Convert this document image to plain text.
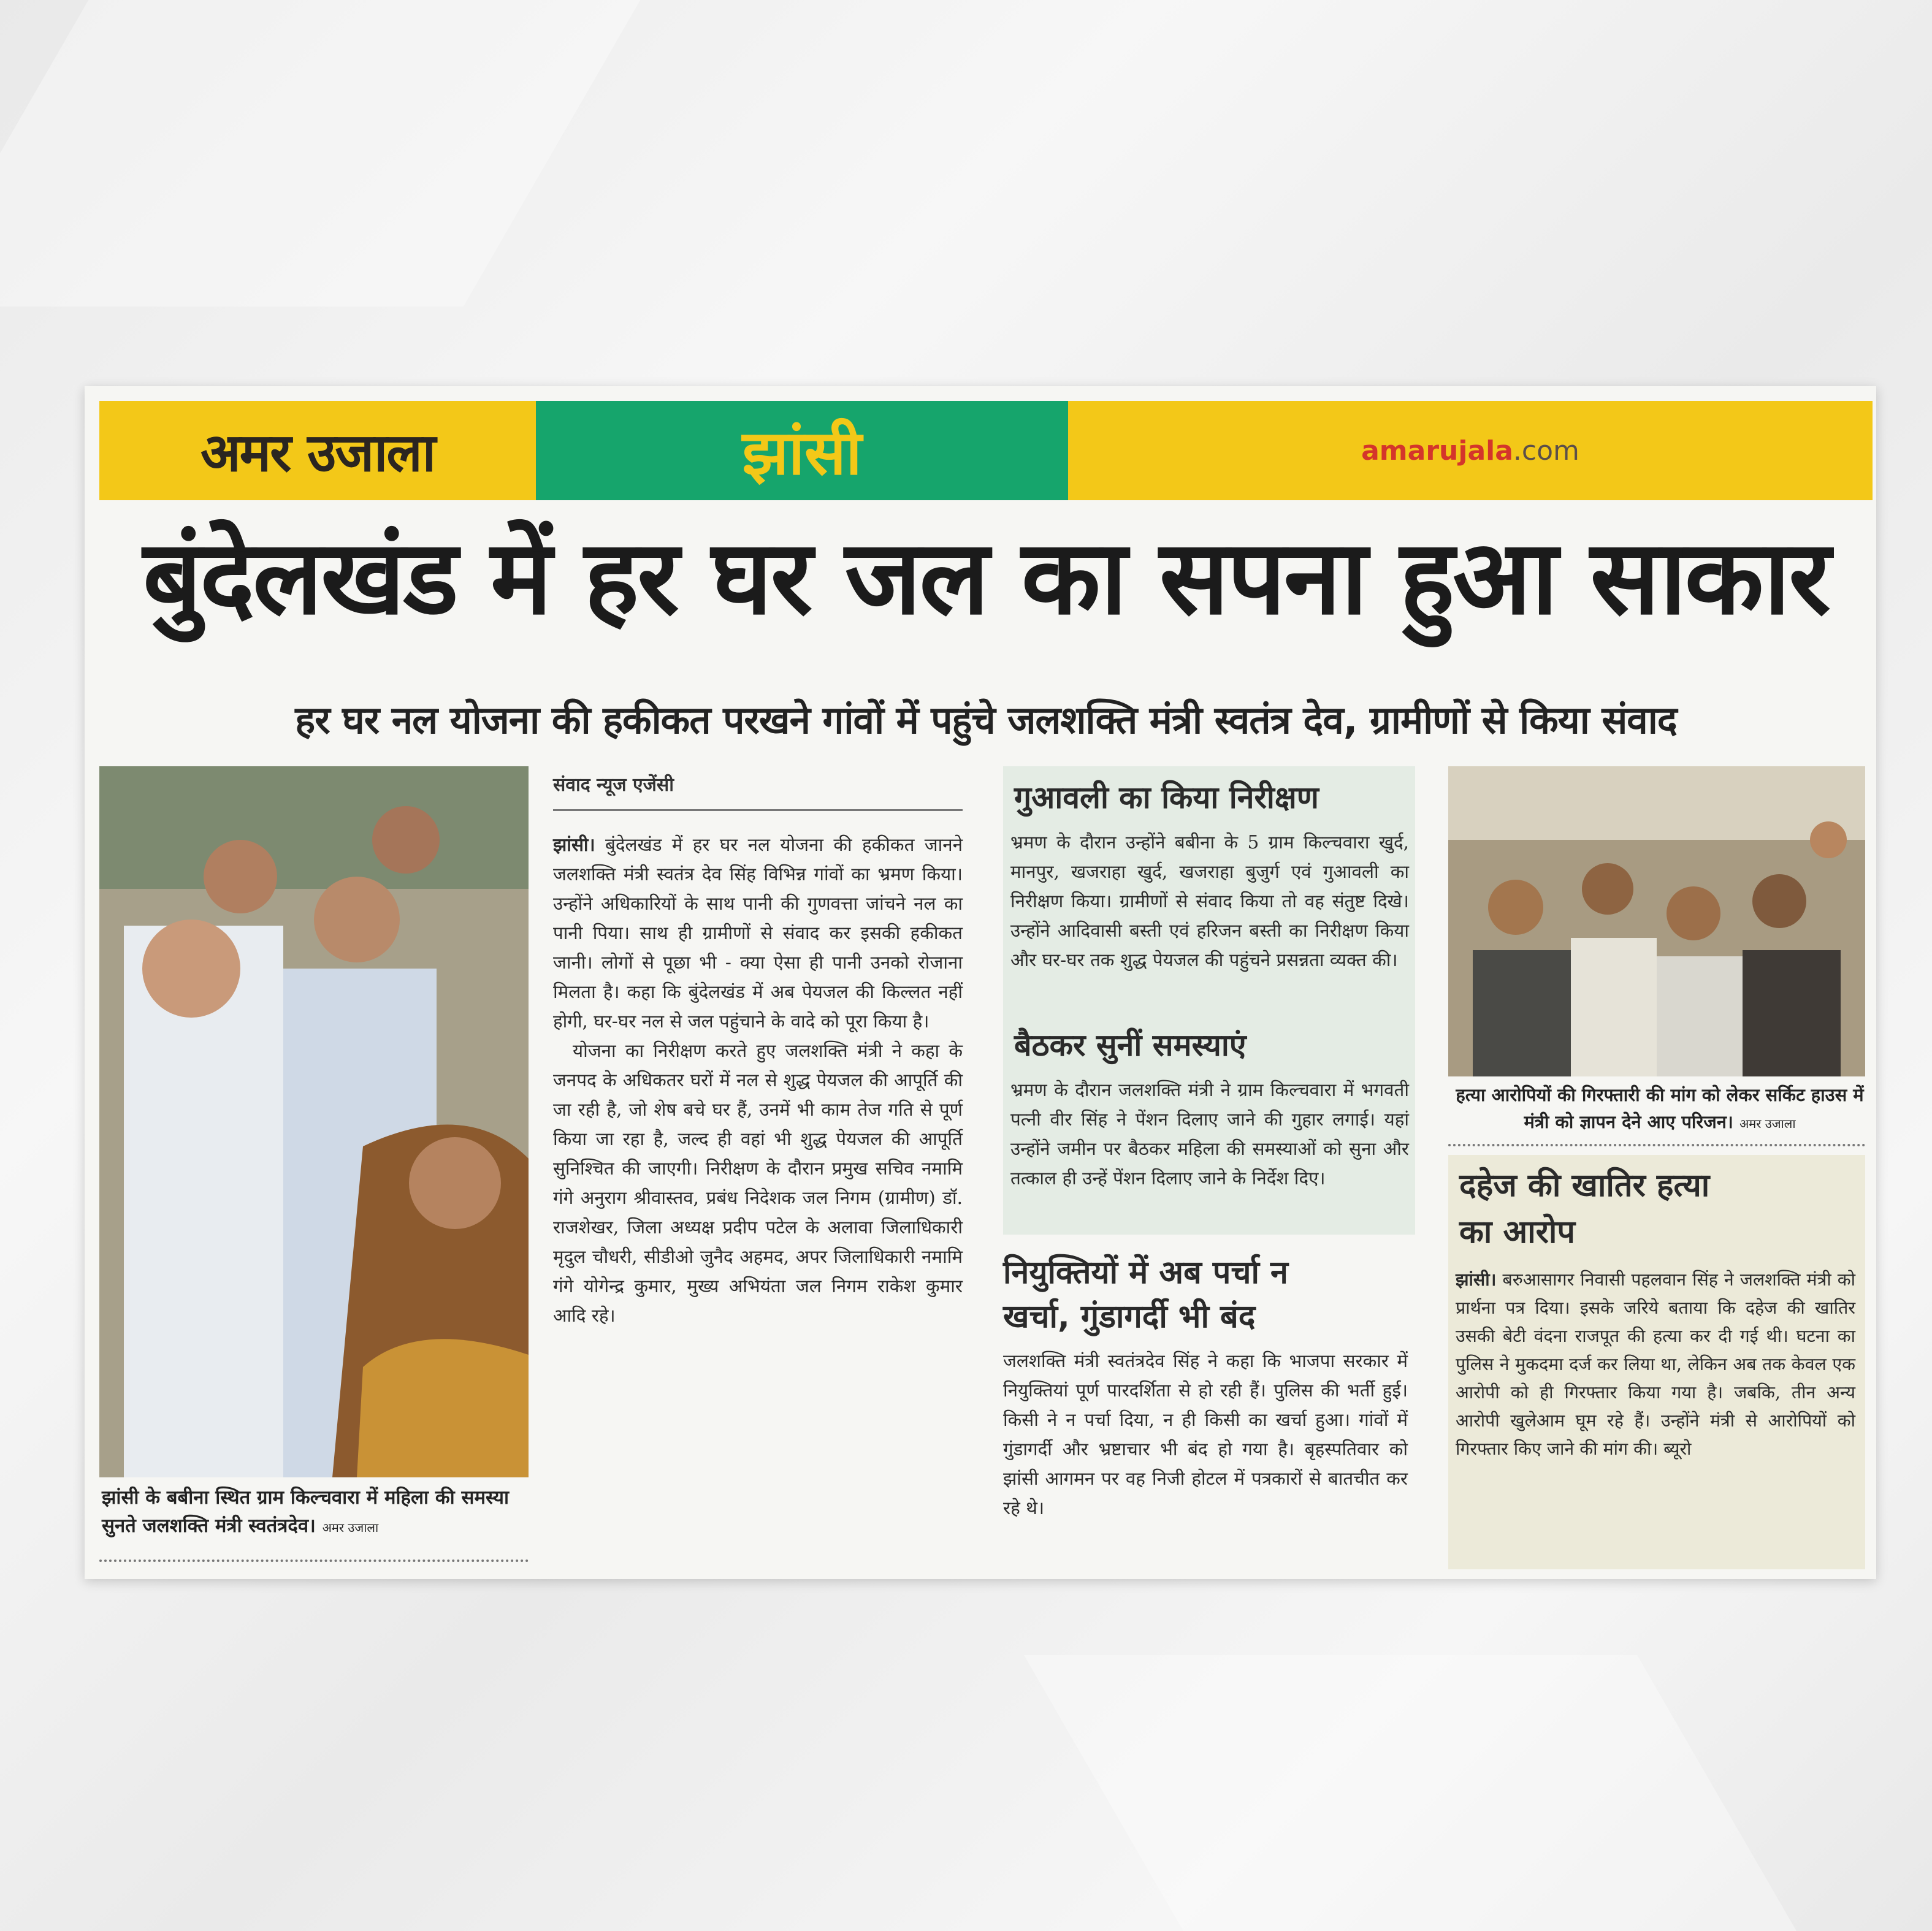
अमर उजाला	झांसी	amarujala.com
बुंदेलखंड में हर घर जल का सपना हुआ साकार
हर घर नल योजना की हकीकत परखने गांवों में पहुंचे जलशक्ति मंत्री स्वतंत्र देव, ग्रामीणों से किया संवाद
झांसी के बबीना स्थित ग्राम किल्चवारा में महिला की समस्या सुनते जलशक्ति मंत्री स्वतंत्रदेव। अमर उजाला
संवाद न्यूज एजेंसी

झांसी। बुंदेलखंड में हर घर नल योजना की हकीकत जानने जलशक्ति मंत्री स्वतंत्र देव सिंह विभिन्न गांवों का भ्रमण किया। उन्होंने अधिकारियों के साथ पानी की गुणवत्ता जांचने नल का पानी पिया। साथ ही ग्रामीणों से संवाद कर इसकी हकीकत जानी। लोगों से पूछा भी - क्या ऐसा ही पानी उनको रोजाना मिलता है। कहा कि बुंदेलखंड में अब पेयजल की किल्लत नहीं होगी, घर-घर नल से जल पहुंचाने के वादे को पूरा किया है।

योजना का निरीक्षण करते हुए जलशक्ति मंत्री ने कहा के जनपद के अधिकतर घरों में नल से शुद्ध पेयजल की आपूर्ति की जा रही है, जो शेष बचे घर हैं, उनमें भी काम तेज गति से पूर्ण किया जा रहा है, जल्द ही वहां भी शुद्ध पेयजल की आपूर्ति सुनिश्चित की जाएगी। निरीक्षण के दौरान प्रमुख सचिव नमामि गंगे अनुराग श्रीवास्तव, प्रबंध निदेशक जल निगम (ग्रामीण) डॉ. राजशेखर, जिला अध्यक्ष प्रदीप पटेल के अलावा जिलाधिकारी मृदुल चौधरी, सीडीओ जुनैद अहमद, अपर जिलाधिकारी नमामि गंगे योगेन्द्र कुमार, मुख्य अभियंता जल निगम राकेश कुमार आदि रहे।

गुआवली का किया निरीक्षण
भ्रमण के दौरान उन्होंने बबीना के 5 ग्राम किल्चवारा खुर्द, मानपुर, खजराहा खुर्द, खजराहा बुजुर्ग एवं गुआवली का निरीक्षण किया। ग्रामीणों से संवाद किया तो वह संतुष्ट दिखे। उन्होंने आदिवासी बस्ती एवं हरिजन बस्ती का निरीक्षण किया और घर-घर तक शुद्ध पेयजल की पहुंचने प्रसन्नता व्यक्त की।
बैठकर सुनीं समस्याएं
भ्रमण के दौरान जलशक्ति मंत्री ने ग्राम किल्चवारा में भगवती पत्नी वीर सिंह ने पेंशन दिलाए जाने की गुहार लगाई। यहां उन्होंने जमीन पर बैठकर महिला की समस्याओं को सुना और तत्काल ही उन्हें पेंशन दिलाए जाने के निर्देश दिए।
नियुक्तियों में अब पर्चा न
खर्चा, गुंडागर्दी भी बंद
जलशक्ति मंत्री स्वतंत्रदेव सिंह ने कहा कि भाजपा सरकार में नियुक्तियां पूर्ण पारदर्शिता से हो रही हैं। पुलिस की भर्ती हुई। किसी ने न पर्चा दिया, न ही किसी का खर्चा हुआ। गांवों में गुंडागर्दी और भ्रष्टाचार भी बंद हो गया है। बृहस्पतिवार को झांसी आगमन पर वह निजी होटल में पत्रकारों से बातचीत कर रहे थे।
हत्या आरोपियों की गिरफ्तारी की मांग को लेकर सर्किट हाउस में मंत्री को ज्ञापन देने आए परिजन। अमर उजाला
दहेज की खातिर हत्या
का आरोप
झांसी। बरुआसागर निवासी पहलवान सिंह ने जलशक्ति मंत्री को प्रार्थना पत्र दिया। इसके जरिये बताया कि दहेज की खातिर उसकी बेटी वंदना राजपूत की हत्या कर दी गई थी। घटना का पुलिस ने मुकदमा दर्ज कर लिया था, लेकिन अब तक केवल एक आरोपी को ही गिरफ्तार किया गया है। जबकि, तीन अन्य आरोपी खुलेआम घूम रहे हैं। उन्होंने मंत्री से आरोपियों को गिरफ्तार किए जाने की मांग की। ब्यूरो
